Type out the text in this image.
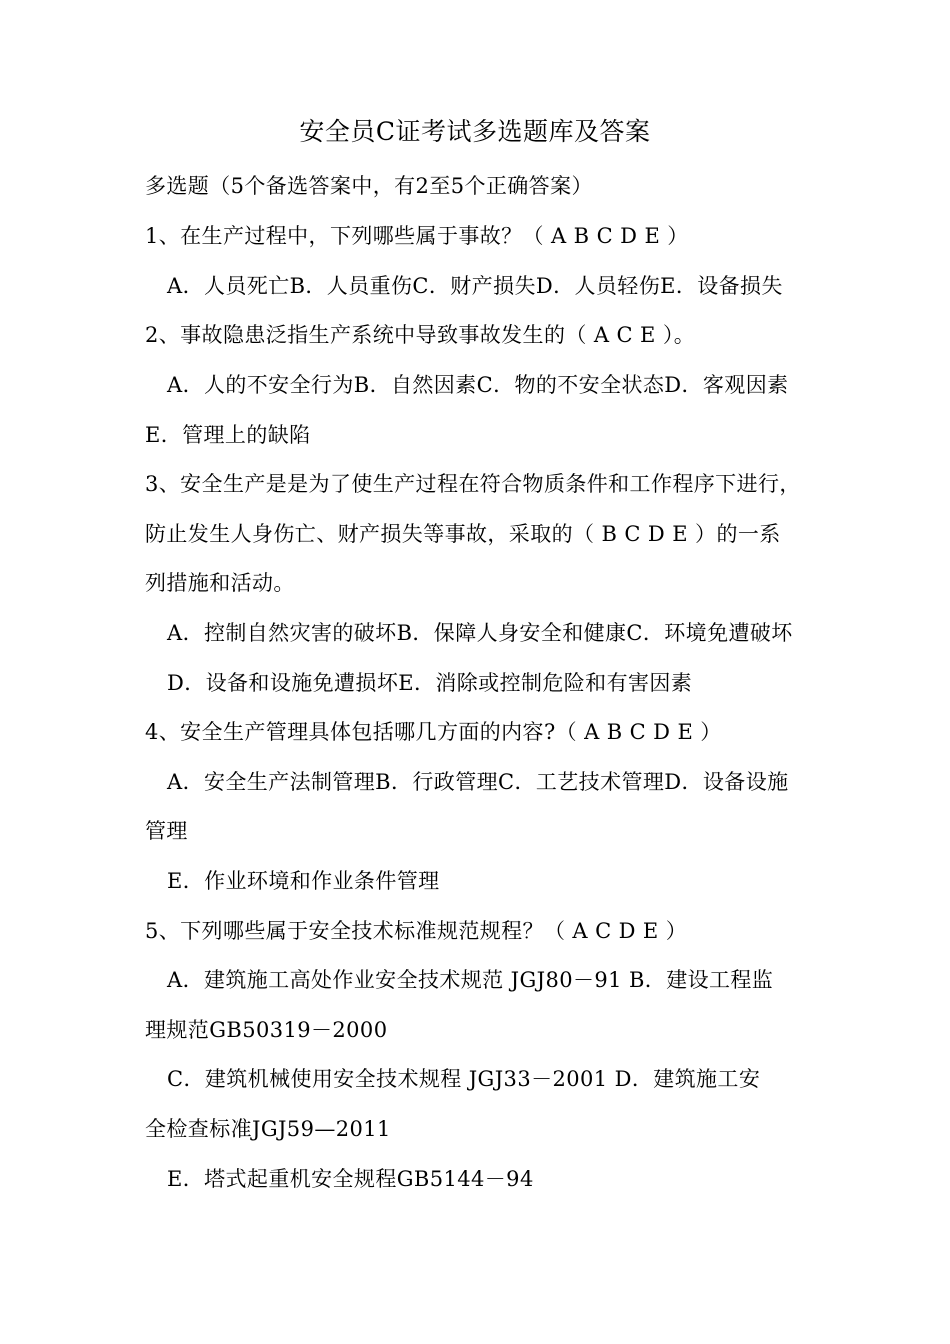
安全员C证考试多选题库及答案
多选题（5个备选答案中，有2至5个正确答案）
1、在生产过程中，下列哪些属于事故？（ A B C D E ）
A．人员死亡B．人员重伤C．财产损失D．人员轻伤E．设备损失
2、事故隐患泛指生产系统中导致事故发生的（ A C E ）。
A．人的不安全行为B．自然因素C．物的不安全状态D．客观因素
E．管理上的缺陷
3、安全生产是是为了使生产过程在符合物质条件和工作程序下进行，
防止发生人身伤亡、财产损失等事故，采取的（ B C D E ）的一系
列措施和活动。
A．控制自然灾害的破坏B．保障人身安全和健康C．环境免遭破坏
D．设备和设施免遭损坏E．消除或控制危险和有害因素
4、安全生产管理具体包括哪几方面的内容?（ A B C D E ）
A．安全生产法制管理B．行政管理C．工艺技术管理D．设备设施
管理
E．作业环境和作业条件管理
5、下列哪些属于安全技术标准规范规程？（ A C D E ）
A．建筑施工高处作业安全技术规范 JGJ80－91 B．建设工程监
理规范GB50319－2000
C．建筑机械使用安全技术规程 JGJ33－2001 D．建筑施工安
全检查标准JGJ59—2011
E．塔式起重机安全规程GB5144－94
